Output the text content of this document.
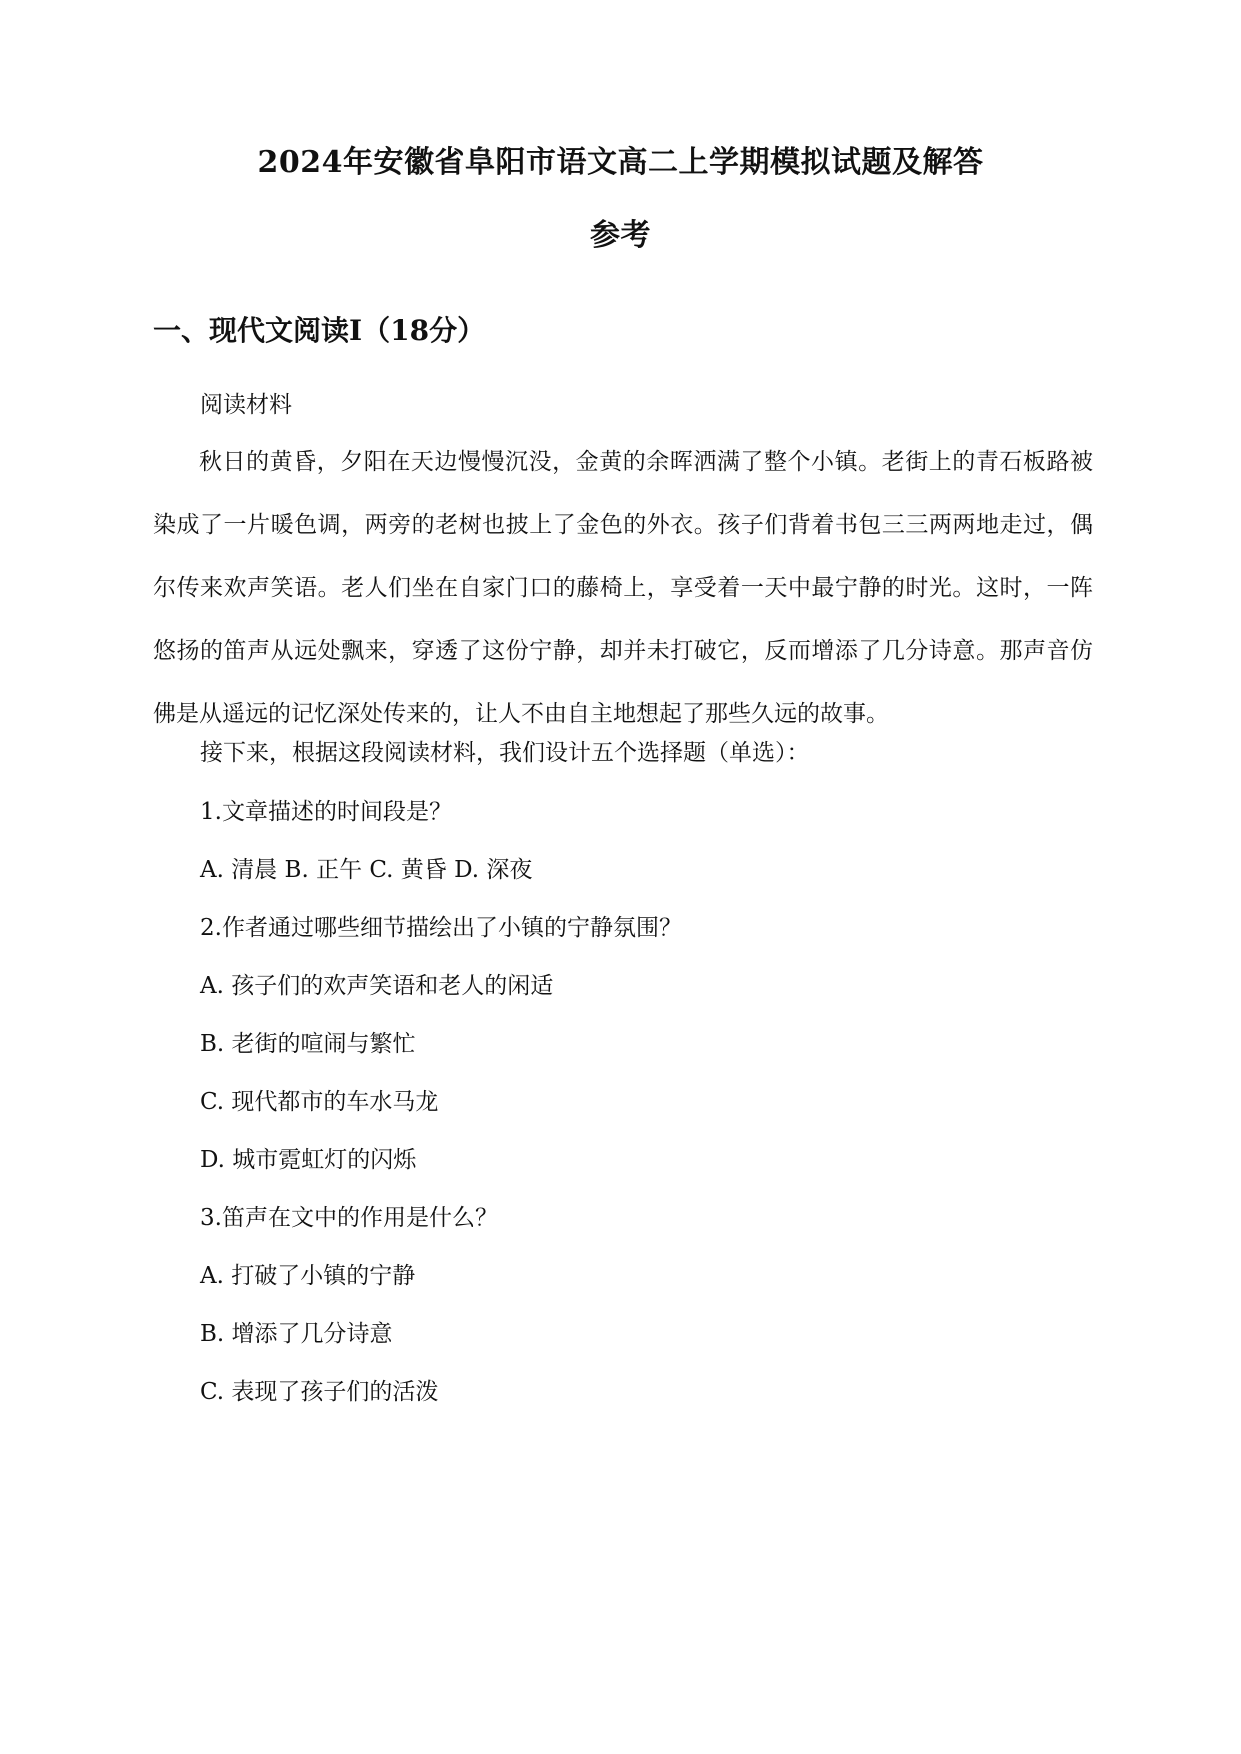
2024年安徽省阜阳市语文高二上学期模拟试题及解答
参考
一、现代文阅读Ⅰ（18分）
阅读材料
秋日的黄昏，夕阳在天边慢慢沉没，金黄的余晖洒满了整个小镇。老街上的青石板路被染成了一片暖色调，两旁的老树也披上了金色的外衣。孩子们背着书包三三两两地走过，偶尔传来欢声笑语。老人们坐在自家门口的藤椅上，享受着一天中最宁静的时光。这时，一阵悠扬的笛声从远处飘来，穿透了这份宁静，却并未打破它，反而增添了几分诗意。那声音仿佛是从遥远的记忆深处传来的，让人不由自主地想起了那些久远的故事。
接下来，根据这段阅读材料，我们设计五个选择题（单选）：
1.文章描述的时间段是？
A. 清晨 B. 正午 C. 黄昏 D. 深夜
2.作者通过哪些细节描绘出了小镇的宁静氛围？
A. 孩子们的欢声笑语和老人的闲适
B. 老街的喧闹与繁忙
C. 现代都市的车水马龙
D. 城市霓虹灯的闪烁
3.笛声在文中的作用是什么？
A. 打破了小镇的宁静
B. 增添了几分诗意
C. 表现了孩子们的活泼
